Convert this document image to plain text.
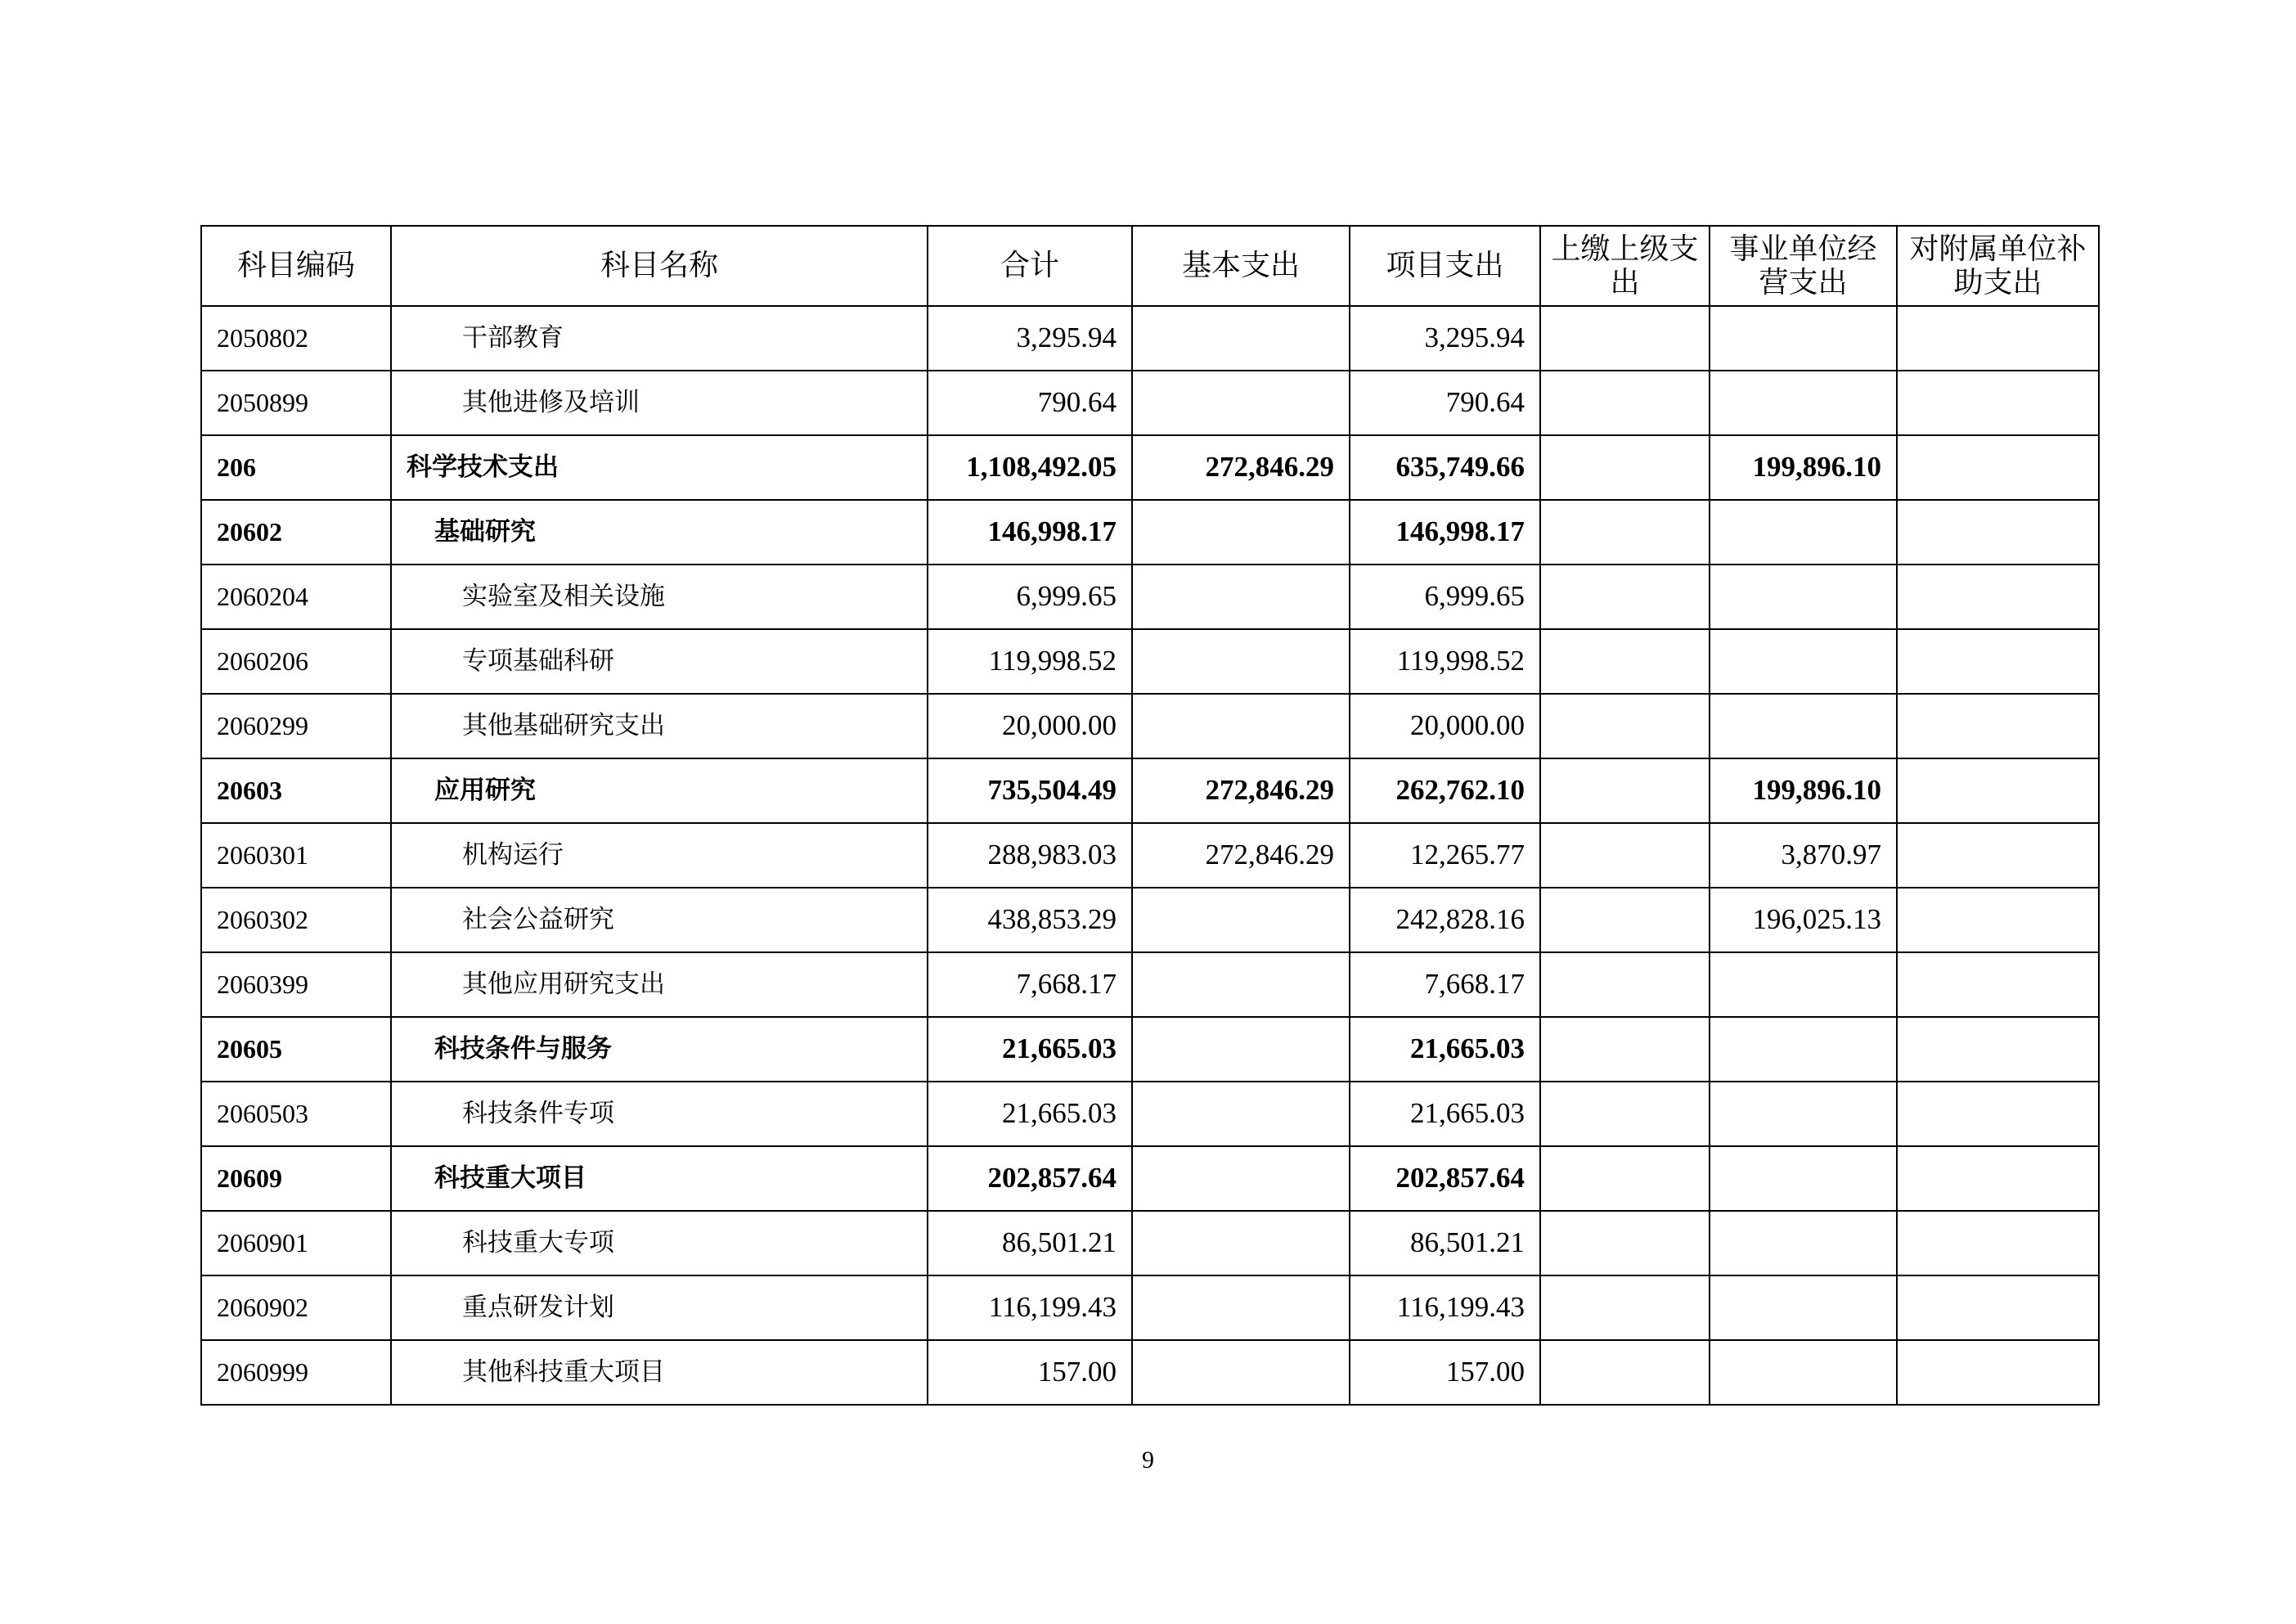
科目编码	科目名称	合计	基本支出	项目支出	上缴上级支出	事业单位经营支出	对附属单位补助支出
2050802	干部教育	3,295.94		3,295.94			
2050899	其他进修及培训	790.64		790.64			
206	科学技术支出	1,108,492.05	272,846.29	635,749.66		199,896.10	
20602	基础研究	146,998.17		146,998.17			
2060204	实验室及相关设施	6,999.65		6,999.65			
2060206	专项基础科研	119,998.52		119,998.52			
2060299	其他基础研究支出	20,000.00		20,000.00			
20603	应用研究	735,504.49	272,846.29	262,762.10		199,896.10	
2060301	机构运行	288,983.03	272,846.29	12,265.77		3,870.97	
2060302	社会公益研究	438,853.29		242,828.16		196,025.13	
2060399	其他应用研究支出	7,668.17		7,668.17			
20605	科技条件与服务	21,665.03		21,665.03			
2060503	科技条件专项	21,665.03		21,665.03			
20609	科技重大项目	202,857.64		202,857.64			
2060901	科技重大专项	86,501.21		86,501.21			
2060902	重点研发计划	116,199.43		116,199.43			
2060999	其他科技重大项目	157.00		157.00			
9
